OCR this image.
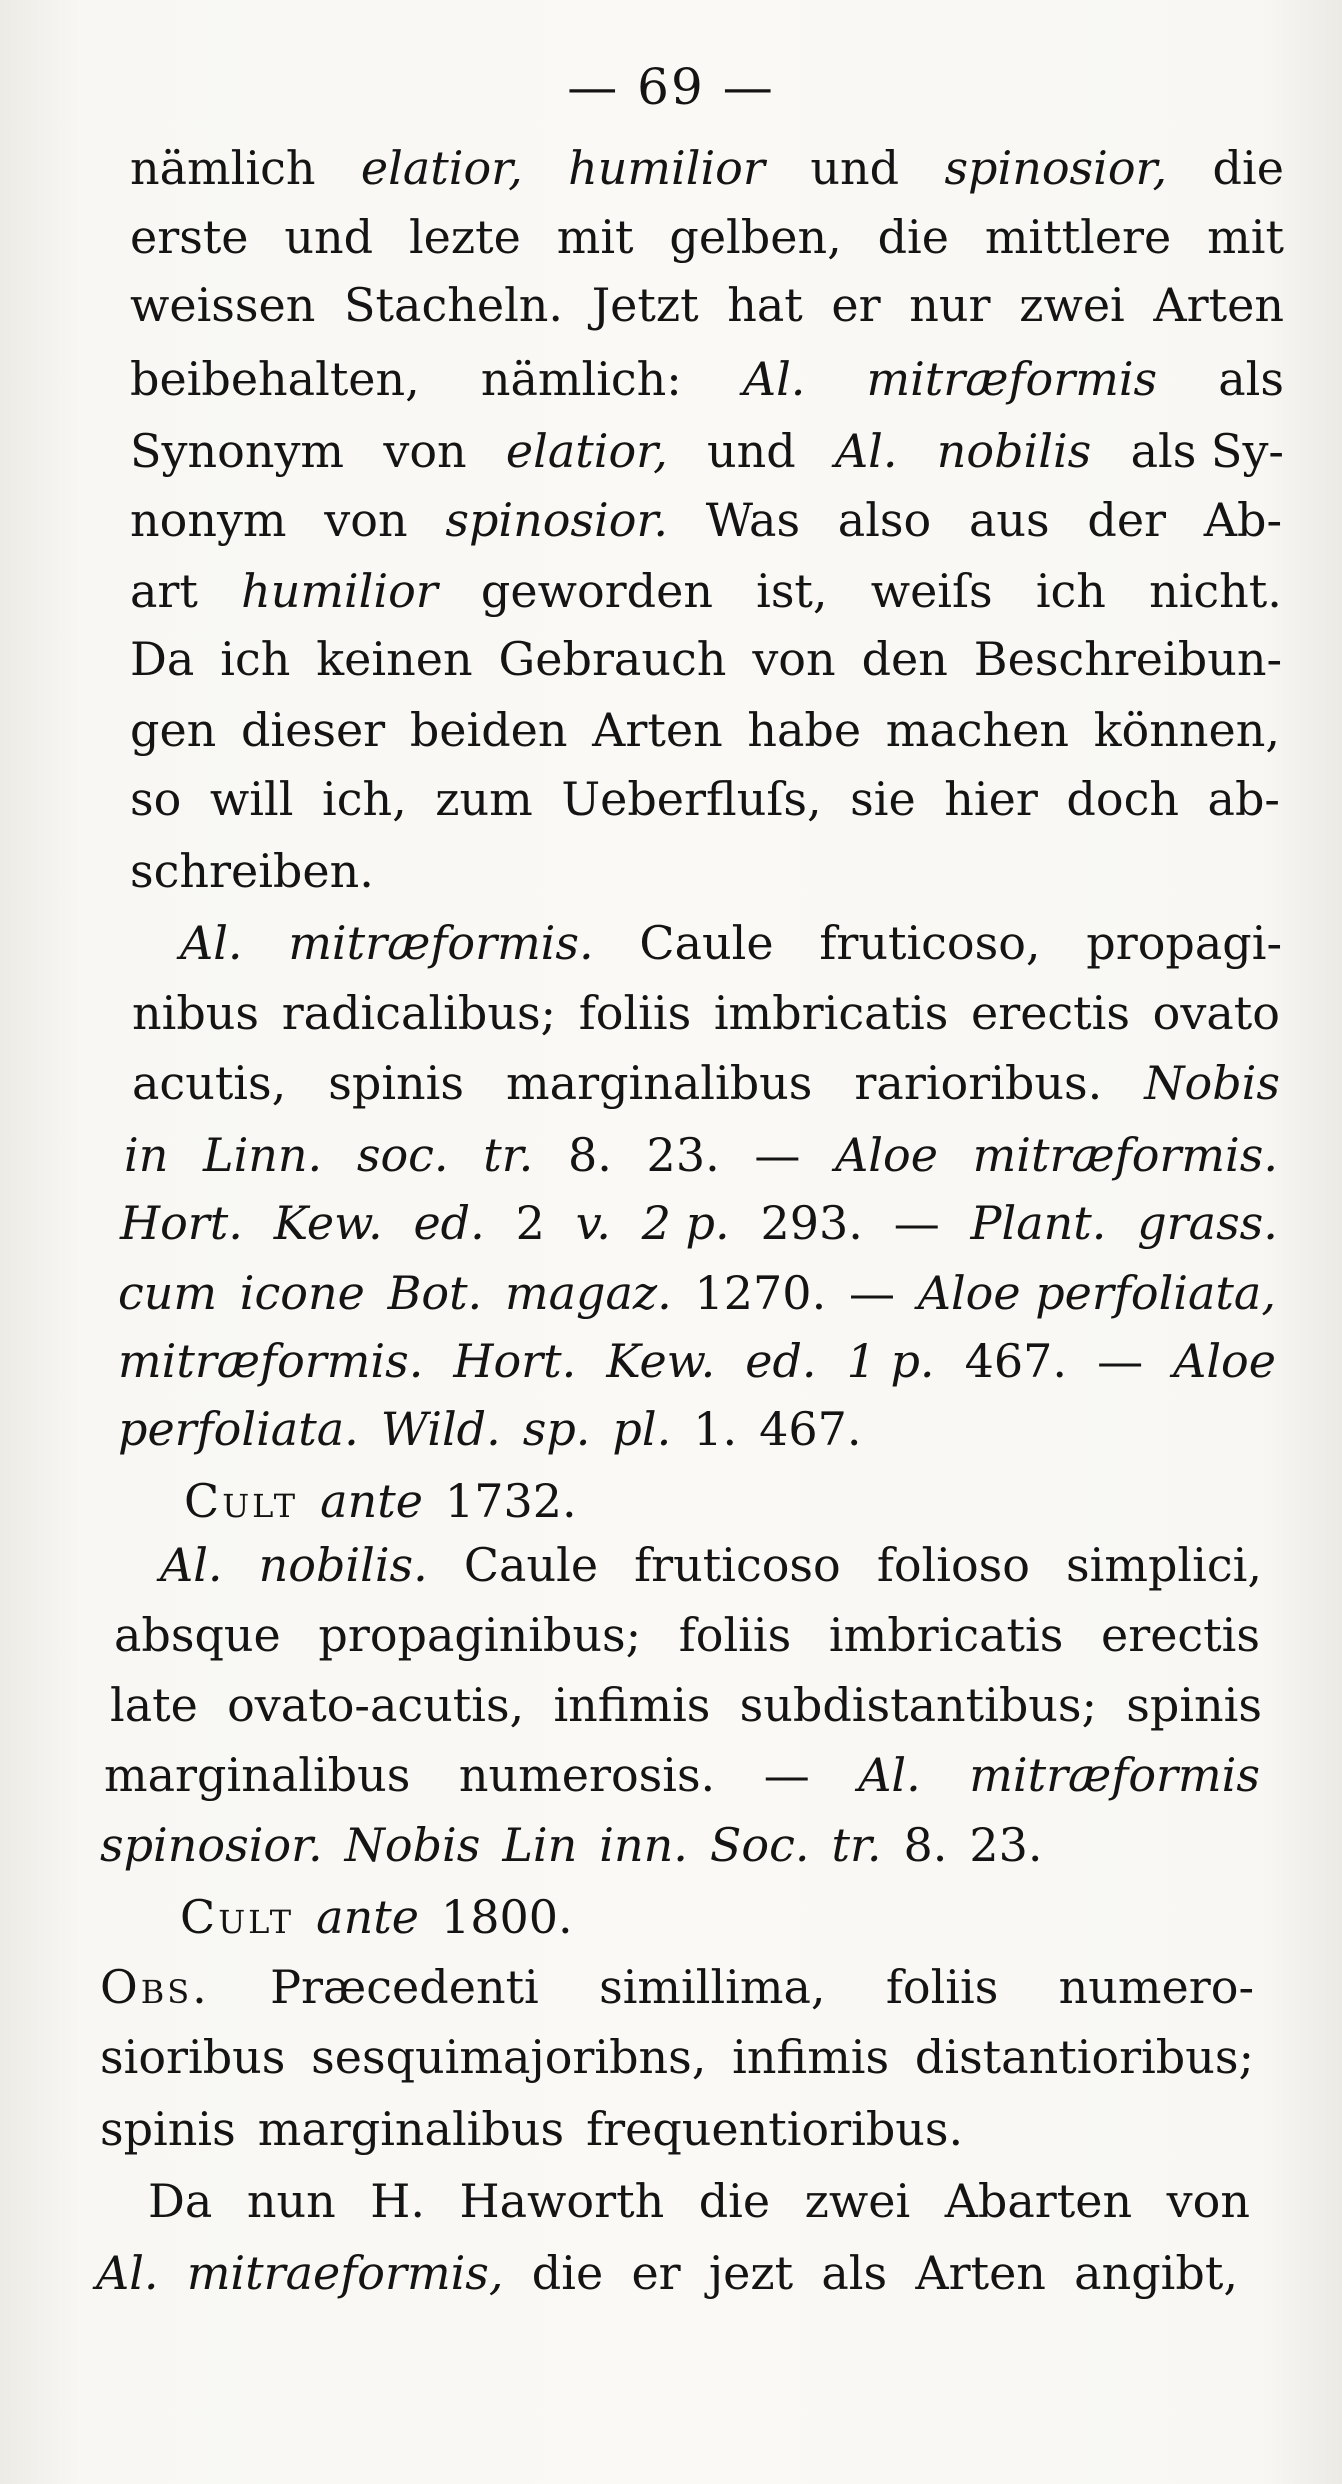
— 69 —
nämlich elatior, humilior und spinosior, die
erste und lezte mit gelben, die mittlere mit
weissen Stacheln. Jetzt hat er nur zwei Arten
beibehalten, nämlich: Al. mitræformis als
Synonym von elatior, und Al. nobilis als Sy-
nonym von spinosior. Was also aus der Ab-
art humilior geworden ist, weiſs ich nicht.
Da ich keinen Gebrauch von den Beschreibun-
gen dieser beiden Arten habe machen können,
so will ich, zum Ueberfluſs, sie hier doch ab-
schreiben.
Al. mitræformis. Caule fruticoso, propagi-
nibus radicalibus; foliis imbricatis erectis ovato
acutis, spinis marginalibus rarioribus. Nobis
in Linn. soc. tr. 8. 23. — Aloe mitræformis.
Hort. Kew. ed. 2 v. 2 p. 293. — Plant. grass.
cum icone Bot. magaz. 1270. — Aloe perfoliata,
mitræformis. Hort. Kew. ed. 1 p. 467. — Aloe
perfoliata. Wild. sp. pl. 1. 467.
Cult ante 1732.
Al. nobilis. Caule fruticoso folioso simplici,
absque propaginibus; foliis imbricatis erectis
late ovato-acutis, infimis subdistantibus; spinis
marginalibus numerosis. — Al. mitræformis
spinosior. Nobis Lin inn. Soc. tr. 8. 23.
Cult ante 1800.
Obs. Præcedenti simillima, foliis numero-
sioribus sesquimajoribns, infimis distantioribus;
spinis marginalibus frequentioribus.
Da nun H. Haworth die zwei Abarten von
Al. mitraeformis, die er jezt als Arten angibt,
